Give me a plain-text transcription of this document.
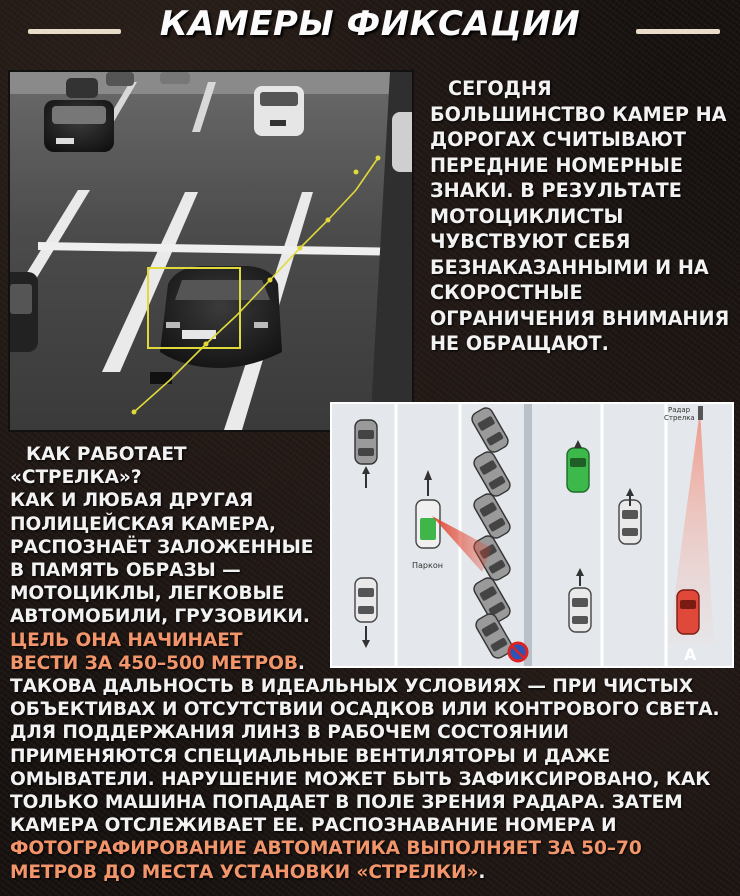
КАМЕРЫ ФИКСАЦИИ
СЕГОДНЯ БОЛЬШИНСТВО КАМЕР НА ДОРОГАХ СЧИТЫВАЮТ ПЕРЕДНИЕ НОМЕРНЫЕ ЗНАКИ. В РЕЗУЛЬТАТЕ МОТОЦИКЛИСТЫ ЧУВСТВУЮТ СЕБЯ БЕЗНАКАЗАННЫМИ И НА СКОРОСТНЫЕ ОГРАНИЧЕНИЯ ВНИМАНИЯ НЕ ОБРАЩАЮТ.
Паркон
Радар
Стрелка
А
КАК РАБОТАЕТ «СТРЕЛКА»?
КАК И ЛЮБАЯ ДРУГАЯ ПОЛИЦЕЙСКАЯ КАМЕРА, РАСПОЗНАЁТ ЗАЛОЖЕННЫЕ В ПАМЯТЬ ОБРАЗЫ — МОТОЦИКЛЫ, ЛЕГКОВЫЕ АВТОМОБИЛИ, ГРУЗОВИКИ. ЦЕЛЬ ОНА НАЧИНАЕТ ВЕСТИ ЗА 450–500 МЕТРОВ. ТАКОВА ДАЛЬНОСТЬ В ИДЕАЛЬНЫХ УСЛОВИЯХ — ПРИ ЧИСТЫХ ОБЪЕКТИВАХ И ОТСУТСТВИИ ОСАДКОВ ИЛИ КОНТРОВОГО СВЕТА. ДЛЯ ПОДДЕРЖАНИЯ ЛИНЗ В РАБОЧЕМ СОСТОЯНИИ ПРИМЕНЯЮТСЯ СПЕЦИАЛЬНЫЕ ВЕНТИЛЯТОРЫ И ДАЖЕ ОМЫВАТЕЛИ. НАРУШЕНИЕ МОЖЕТ БЫТЬ ЗАФИКСИРОВАНО, КАК ТОЛЬКО МАШИНА ПОПАДАЕТ В ПОЛЕ ЗРЕНИЯ РАДАРА. ЗАТЕМ КАМЕРА ОТСЛЕЖИВАЕТ ЕЕ. РАСПОЗНАВАНИЕ НОМЕРА И ФОТОГРАФИРОВАНИЕ АВТОМАТИКА ВЫПОЛНЯЕТ ЗА 50–70 МЕТРОВ ДО МЕСТА УСТАНОВКИ «СТРЕЛКИ».
